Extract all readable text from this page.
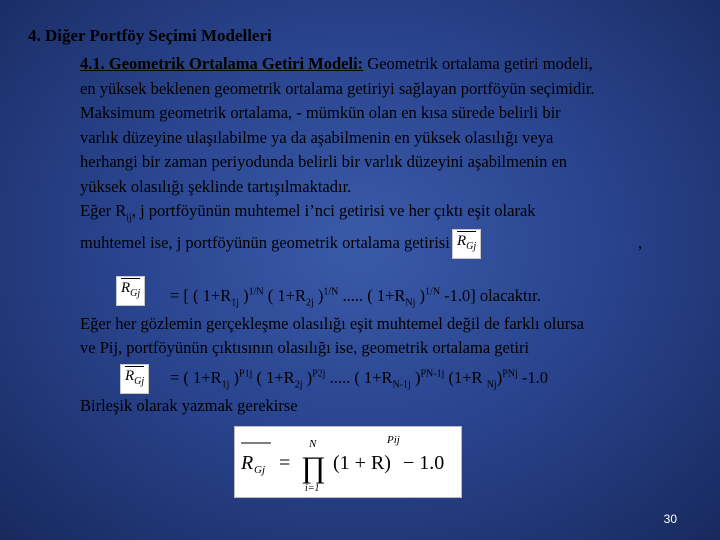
4. Diğer Portföy Seçimi Modelleri
4.1. Geometrik Ortalama Getiri Modeli: Geometrik ortalama getiri modeli,
en yüksek beklenen geometrik ortalama getiriyi sağlayan portföyün seçimidir.
Maksimum geometrik ortalama, - mümkün olan en kısa sürede belirli bir
varlık düzeyine ulaşılabilme ya da aşabilmenin en yüksek olasılığı veya
herhangi bir zaman periyodunda belirli bir varlık düzeyini aşabilmenin en
yüksek olasılığı şeklinde tartışılmaktadır.
Eğer $R_{ij}$, j portföyünün muhtemel i’nci getirisi ve her çıktı eşit olarak
muhtemel ise, j portföyünün geometrik ortalama getirisi $R_{Gj}$	,
$R_{Gj}$	= [ ( $1+R_{1j}$ )$^{1/N}$ ( $1+R_{2j}$ )$^{1/N}$ ..... ( $1+R_{Nj}$ )$^{1/N}$ -1.0] olacaktır.
Eğer her gözlemin gerçekleşme olasılığı eşit muhtemel değil de farklı olursa
ve Pij, portföyünün çıktısının olasılığı ise, geometrik ortalama getiri
$R_{Gj}$	= ( $1+R_{1j}$ )$^{P1j}$ ( $1+R_{2j}$ )$^{P2j}$ ..... ( $1+R_{N-1j}$ )$^{PN-1j}$ (1+R $_{Nj}$)$^{PNj}$ -1.0
Birleşik olarak yazmak gerekirse
R Gj =
N
∏
i=1
(1 + R)
Pij
− 1.0
30
